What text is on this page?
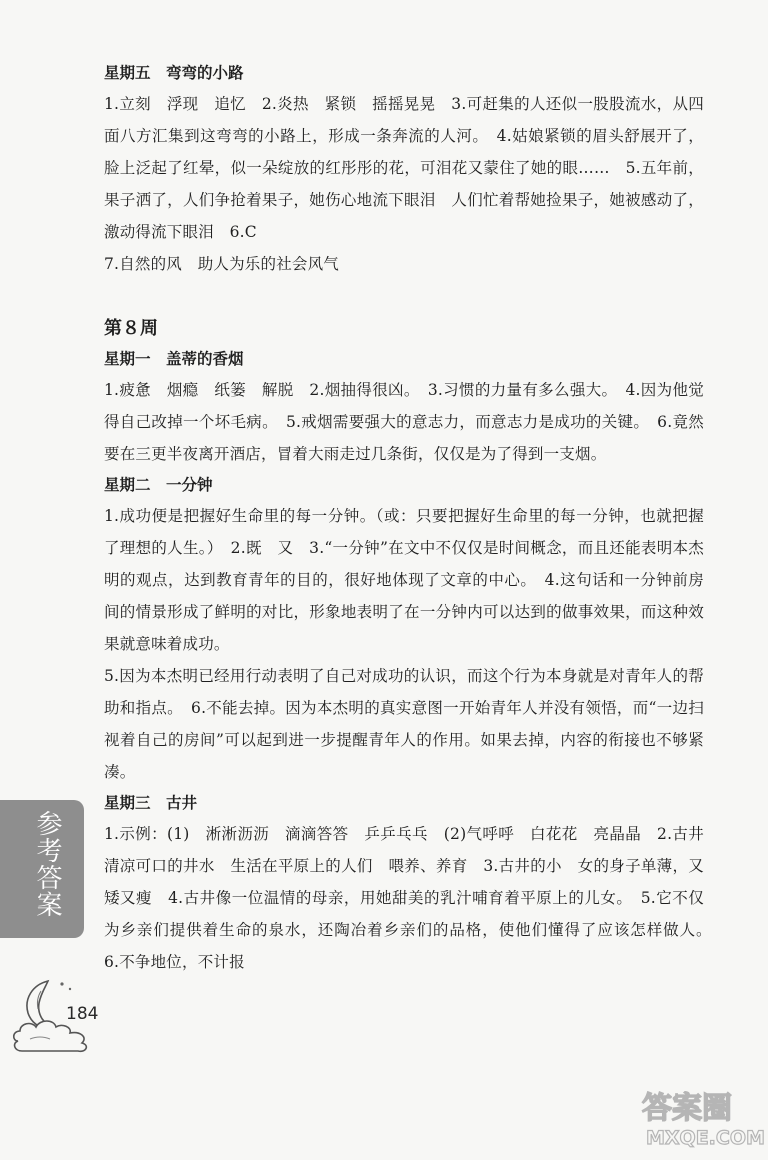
星期五　弯弯的小路

1.立刻　浮现　追忆　2.炎热　紧锁　摇摇晃晃　3.可赶集的人还似一股股流水，从四面八方汇集到这弯弯的小路上，形成一条奔流的人河。　4.姑娘紧锁的眉头舒展开了，脸上泛起了红晕，似一朵绽放的红彤彤的花，可泪花又蒙住了她的眼……　5.五年前，果子洒了，人们争抢着果子，她伤心地流下眼泪　人们忙着帮她捡果子，她被感动了，激动得流下眼泪　6.C

7.自然的风　助人为乐的社会风气

第８周

星期一　盖蒂的香烟

1.疲惫　烟瘾　纸篓　解脱　2.烟抽得很凶。　3.习惯的力量有多么强大。　4.因为他觉得自己改掉一个坏毛病。　5.戒烟需要强大的意志力，而意志力是成功的关键。　6.竟然要在三更半夜离开酒店，冒着大雨走过几条街，仅仅是为了得到一支烟。

星期二　一分钟

1.成功便是把握好生命里的每一分钟。（或：只要把握好生命里的每一分钟，也就把握了理想的人生。）　2.既　又　3.“一分钟”在文中不仅仅是时间概念，而且还能表明本杰明的观点，达到教育青年的目的，很好地体现了文章的中心。　4.这句话和一分钟前房间的情景形成了鲜明的对比，形象地表明了在一分钟内可以达到的做事效果，而这种效果就意味着成功。

5.因为本杰明已经用行动表明了自己对成功的认识，而这个行为本身就是对青年人的帮助和指点。　6.不能去掉。因为本杰明的真实意图一开始青年人并没有领悟，而“一边扫视着自己的房间”可以起到进一步提醒青年人的作用。如果去掉，内容的衔接也不够紧凑。

星期三　古井

1.示例：(1)　淅淅沥沥　滴滴答答　乒乒乓乓　(2)气呼呼　白花花　亮晶晶　2.古井　清凉可口的井水　生活在平原上的人们　喂养、养育　3.古井的小　女的身子单薄，又矮又瘦　4.古井像一位温情的母亲，用她甜美的乳汁哺育着平原上的儿女。　5.它不仅为乡亲们提供着生命的泉水，还陶冶着乡亲们的品格，使他们懂得了应该怎样做人。　6.不争地位，不计报

参考答案
184
答案圈
MXQE.COM
